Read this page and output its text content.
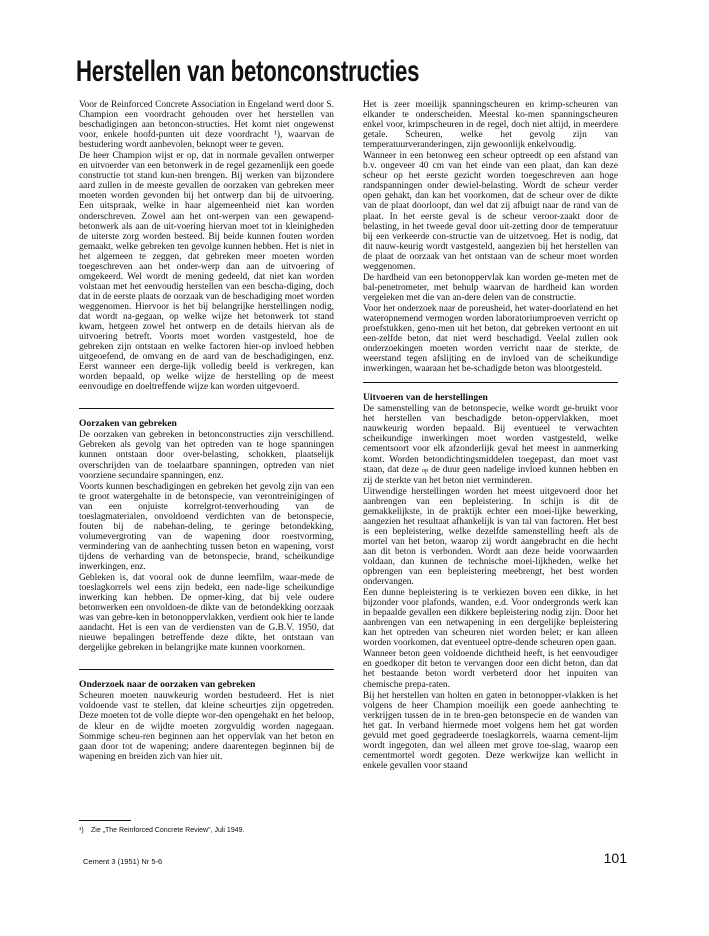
Herstellen van betonconstructies

Voor de Reinforced Concrete Association in Engeland werd door S. Champion een voordracht gehouden over het herstellen van beschadigingen aan betoncon-structies. Het komt niet ongewenst voor, enkele hoofd-punten uit deze voordracht ¹), waarvan de bestudering wordt aanbevolen, beknopt weer te geven.

De heer Champion wijst er op, dat in normale gevallen ontwerper en uitvoerder van een betonwerk in de regel gezamenlijk een goede constructie tot stand kun-nen brengen. Bij werken van bijzondere aard zullen in de meeste gevallen de oorzaken van gebreken meer moeten worden gevonden bij het ontwerp dan bij de uitvoering. Een uitspraak, welke in haar algemeenheid niet kan worden onderschreven. Zowel aan het ont-werpen van een gewapend-betonwerk als aan de uit-voering hiervan moet tot in kleinigheden de uiterste zorg worden besteed. Bij beide kunnen fouten worden gemaakt, welke gebreken ten gevolge kunnen hebben. Het is niet in het algemeen te zeggen, dat gebreken meer moeten worden toegeschreven aan het onder-werp dan aan de uitvoering of omgekeerd. Wel wordt de mening gedeeld, dat niet kan worden volstaan met het eenvoudig herstellen van een bescha-diging, doch dat in de eerste plaats de oorzaak van de beschadiging moet worden weggenomen. Hiervoor is het bij belangrijke herstellingen nodig, dat wordt na-gegaan, op welke wijze het betonwerk tot stand kwam, hetgeen zowel het ontwerp en de details hiervan als de uitvoering betreft. Voorts moet worden vastgesteld, hoe de gebreken zijn ontstaan en welke factoren hier-op invloed hebben uitgeoefend, de omvang en de aard van de beschadigingen, enz. Eerst wanneer een derge-lijk volledig beeld is verkregen, kan worden bepaald, op welke wijze de herstelling op de meest eenvoudige en doeltreffende wijze kan worden uitgevoerd.

Oorzaken van gebreken

De oorzaken van gebreken in betonconstructies zijn verschillend. Gebreken als gevolg van het optreden van te hoge spanningen kunnen ontstaan door over-belasting, schokken, plaatselijk overschrijden van de toelaatbare spanningen, optreden van niet voorziene secundaire spanningen, enz.

Voorts kunnen beschadigingen en gebreken het gevolg zijn van een te groot watergehalte in de betonspecie, van verontreinigingen of van een onjuiste korrelgrot-tenverhouding van de toeslagmaterialen, onvoldoend verdichten van de betonspecie, fouten bij de nabehan-deling, te geringe betondekking, volumevergroting van de wapening door roestvorming, vermindering van de aanhechting tussen beton en wapening, vorst tijdens de verharding van de betonspecie, brand, scheikundige inwerkingen, enz.

Gebleken is, dat vooral ook de dunne leemfilm, waar-mede de toeslagkorrels wel eens zijn bedekt, een nade-lige scheikundige inwerking kan hebben. De opmer-king, dat bij vele oudere betonwerken een onvoldoen-de dikte van de betondekking oorzaak was van gebre-ken in betonoppervlakken, verdient ook hier te lande aandacht. Het is een van de verdiensten van de G.B.V. 1950, dat nieuwe bepalingen betreffende deze dikte, het ontstaan van dergelijke gebreken in belangrijke mate kunnen voorkomen.

Onderzoek naar de oorzaken van gebreken

Scheuren moeten nauwkeurig worden bestudeerd. Het is niet voldoende vast te stellen, dat kleine scheurtjes zijn opgetreden. Deze moeten tot de volle diepte wor-den opengehakt en het beloop, de kleur en de wijdte moeten zorgvuldig worden nagegaan. Sommige scheu-ren beginnen aan het oppervlak van het beton en gaan door tot de wapening; andere daarentegen beginnen bij de wapening en breiden zich van hier uit.

Het is zeer moeilijk spanningscheuren en krimp-scheuren van elkander te onderscheiden. Meestal ko-men spanningscheuren enkel voor, krimpscheuren in de regel, doch niet altijd, in meerdere getale. Scheuren, welke het gevolg zijn van temperatuurveranderingen, zijn gewoonlijk enkelvoudig.

Wanneer in een betonweg een scheur optreedt op een afstand van b.v. ongeveer 40 cm van het einde van een plaat, dan kan deze scheur op het eerste gezicht worden toegeschreven aan hoge randspanningen onder dewiel-belasting. Wordt de scheur verder open gehakt, dan kan het voorkomen, dat de scheur over de dikte van de plaat doorloopt, dan wel dat zij afbuigt naar de rand van de plaat. In het eerste geval is de scheur veroor-zaakt door de belasting, in het tweede geval door uit-zetting door de temperatuur bij een verkeerde con-structie van de uitzetvoeg. Het is nodig, dat dit nauw-keurig wordt vastgesteld, aangezien bij het herstellen van de plaat de oorzaak van het ontstaan van de scheur moet worden weggenomen.

De hardheid van een betonoppervlak kan worden ge-meten met de bal-penetrometer, met behulp waarvan de hardheid kan worden vergeleken met die van an-dere delen van de constructie.

Voor het onderzoek naar de poreusheid, het water-doorlatend en het wateropnemend vermogen worden laboratoriumproeven verricht op proefstukken, geno-men uit het beton, dat gebreken vertoont en uit een-zelfde beton, dat niet werd beschadigd. Veelal zullen ook onderzoekingen moeten worden verricht naar de sterkte, de weerstand tegen afslijting en de invloed van de scheikundige inwerkingen, waaraan het be-schadigde beton was blootgesteld.

Uitvoeren van de herstellingen

De samenstelling van de betonspecie, welke wordt ge-bruikt voor het herstellen van beschadigde beton-oppervlakken, moet nauwkeurig worden bepaald. Bij eventueel te verwachten scheikundige inwerkingen moet worden vastgesteld, welke cementsoort voor elk afzonderlijk geval het meest in aanmerking komt. Worden betondichtingsmiddelen toegepast, dan moet vast staan, dat deze op de duur geen nadelige invloed kunnen hebben en zij de sterkte van het beton niet verminderen.

Uitwendige herstellingen worden het meest uitgevoerd door het aanbrengen van een bepleistering. In schijn is dit de gemakkelijkste, in de praktijk echter een moei-lijke bewerking, aangezien het resultaat afhankelijk is van tal van factoren. Het best is een bepleistering, welke dezelfde samenstelling heeft als de mortel van het beton, waarop zij wordt aangebracht en die hecht aan dit beton is verbonden. Wordt aan deze beide voorwaarden voldaan, dan kunnen de technische moei-lijkheden, welke het opbrengen van een bepleistering meebrengt, het best worden ondervangen.

Een dunne bepleistering is te verkiezen boven een dikke, in het bijzonder voor plafonds, wanden, e.d. Voor ondergronds werk kan in bepaalde gevallen een dikkere bepleistering nodig zijn. Door het aanbrengen van een netwapening in een dergelijke bepleistering kan het optreden van scheuren niet worden belet; er kan alleen worden voorkomen, dat eventueel optre-dende scheuren open gaan.

Wanneer beton geen voldoende dichtheid heeft, is het eenvoudiger en goedkoper dit beton te vervangen door een dicht beton, dan dat het bestaande beton wordt verbeterd door het inpuiten van chemische prepa-raten.

Bij het herstellen van holten en gaten in betonopper-vlakken is het volgens de heer Champion moeilijk een goede aanhechting te verkrijgen tussen de in te bren-gen betonspecie en de wanden van het gat. In verband hiermede moet volgens hem het gat worden gevuld met goed gegradeerde toeslagkorrels, waarna cement-lijm wordt ingegoten, dan wel alleen met grove toe-slag, waarop een cementmortel wordt gegoten. Deze werkwijze kan wellicht in enkele gevallen voor staand

¹) Zie „The Reinforced Concrete Review", Juli 1949.
Cement 3 (1951) Nr 5-6	101
